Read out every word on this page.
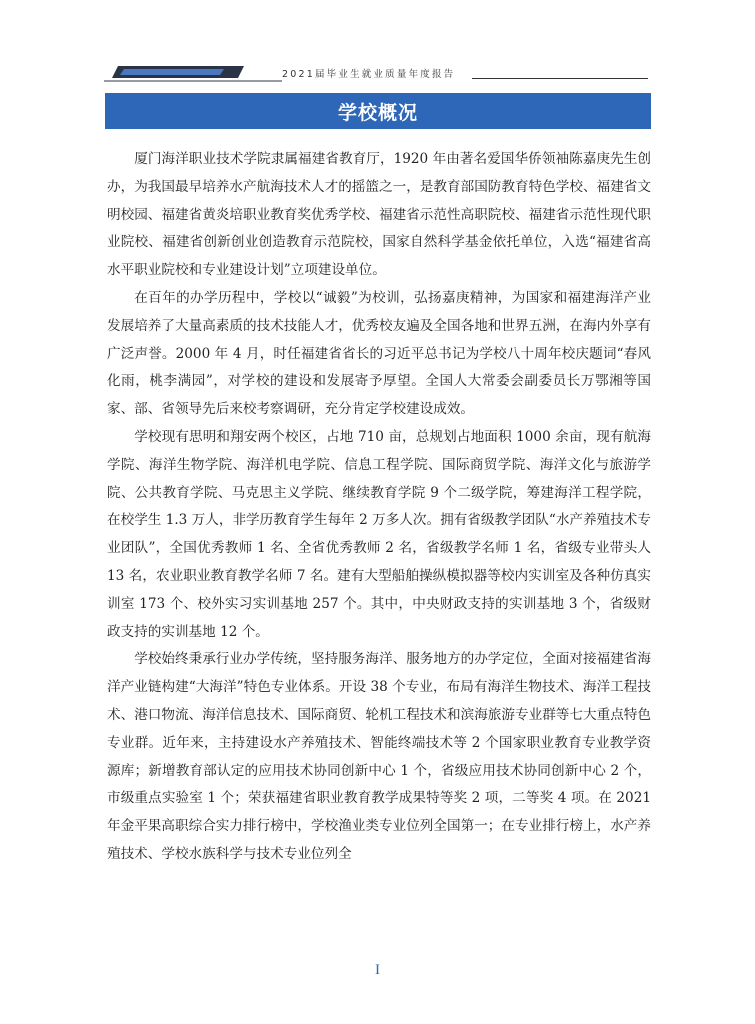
2021届毕业生就业质量年度报告
学校概况

厦门海洋职业技术学院隶属福建省教育厅，1920 年由著名爱国华侨领袖陈嘉庚先生创办，为我国最早培养水产航海技术人才的摇篮之一，是教育部国防教育特色学校、福建省文明校园、福建省黄炎培职业教育奖优秀学校、福建省示范性高职院校、福建省示范性现代职业院校、福建省创新创业创造教育示范院校，国家自然科学基金依托单位，入选“福建省高水平职业院校和专业建设计划”立项建设单位。

在百年的办学历程中，学校以“诚毅”为校训，弘扬嘉庚精神，为国家和福建海洋产业发展培养了大量高素质的技术技能人才，优秀校友遍及全国各地和世界五洲，在海内外享有广泛声誉。2000 年 4 月，时任福建省省长的习近平总书记为学校八十周年校庆题词“春风化雨，桃李满园”，对学校的建设和发展寄予厚望。全国人大常委会副委员长万鄂湘等国家、部、省领导先后来校考察调研，充分肯定学校建设成效。

学校现有思明和翔安两个校区，占地 710 亩，总规划占地面积 1000 余亩，现有航海学院、海洋生物学院、海洋机电学院、信息工程学院、国际商贸学院、海洋文化与旅游学院、公共教育学院、马克思主义学院、继续教育学院 9 个二级学院，筹建海洋工程学院，在校学生 1.3 万人，非学历教育学生每年 2 万多人次。拥有省级教学团队“水产养殖技术专业团队”，全国优秀教师 1 名、全省优秀教师 2 名，省级教学名师 1 名，省级专业带头人 13 名，农业职业教育教学名师 7 名。建有大型船舶操纵模拟器等校内实训室及各种仿真实训室 173 个、校外实习实训基地 257 个。其中，中央财政支持的实训基地 3 个，省级财政支持的实训基地 12 个。

学校始终秉承行业办学传统，坚持服务海洋、服务地方的办学定位，全面对接福建省海洋产业链构建“大海洋”特色专业体系。开设 38 个专业，布局有海洋生物技术、海洋工程技术、港口物流、海洋信息技术、国际商贸、轮机工程技术和滨海旅游专业群等七大重点特色专业群。近年来，主持建设水产养殖技术、智能终端技术等 2 个国家职业教育专业教学资源库；新增教育部认定的应用技术协同创新中心 1 个，省级应用技术协同创新中心 2 个，市级重点实验室 1 个；荣获福建省职业教育教学成果特等奖 2 项，二等奖 4 项。在 2021 年金平果高职综合实力排行榜中，学校渔业类专业位列全国第一；在专业排行榜上，水产养殖技术、学校水族科学与技术专业位列全

I
